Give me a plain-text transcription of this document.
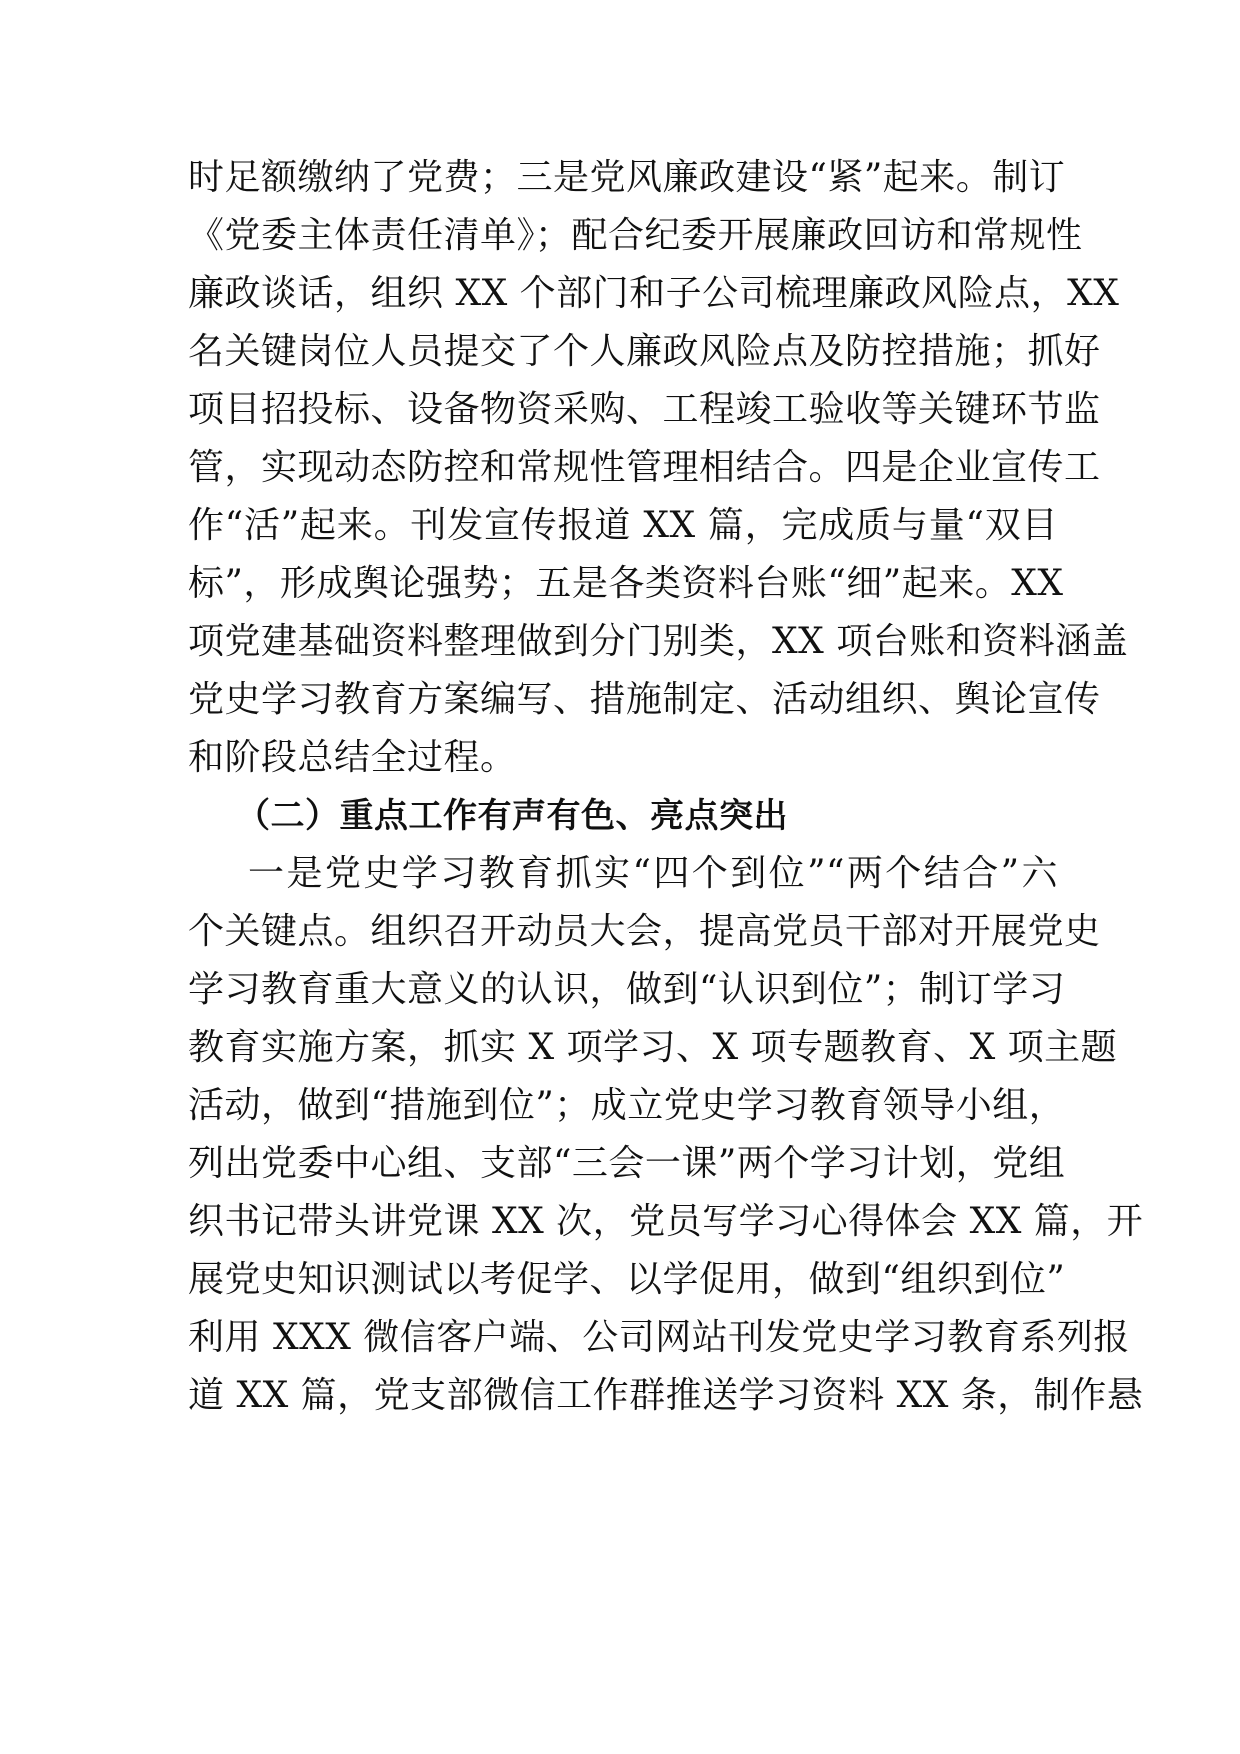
时足额缴纳了党费；三是党风廉政建设“紧”起来。制订
《党委主体责任清单》；配合纪委开展廉政回访和常规性
廉政谈话，组织 XX 个部门和子公司梳理廉政风险点，XX
名关键岗位人员提交了个人廉政风险点及防控措施；抓好
项目招投标、设备物资采购、工程竣工验收等关键环节监
管，实现动态防控和常规性管理相结合。四是企业宣传工
作“活”起来。刊发宣传报道 XX 篇，完成质与量“双目
标”，形成舆论强势；五是各类资料台账“细”起来。XX
项党建基础资料整理做到分门别类，XX 项台账和资料涵盖
党史学习教育方案编写、措施制定、活动组织、舆论宣传
和阶段总结全过程。
（二）重点工作有声有色、亮点突出
一是党史学习教育抓实“四个到位”“两个结合”六
个关键点。组织召开动员大会，提高党员干部对开展党史
学习教育重大意义的认识，做到“认识到位”；制订学习
教育实施方案，抓实 X 项学习、X 项专题教育、X 项主题
活动，做到“措施到位”；成立党史学习教育领导小组，
列出党委中心组、支部“三会一课”两个学习计划，党组
织书记带头讲党课 XX 次，党员写学习心得体会 XX 篇，开
展党史知识测试以考促学、以学促用，做到“组织到位”
利用 XXX 微信客户端、公司网站刊发党史学习教育系列报
道 XX 篇，党支部微信工作群推送学习资料 XX 条，制作悬
